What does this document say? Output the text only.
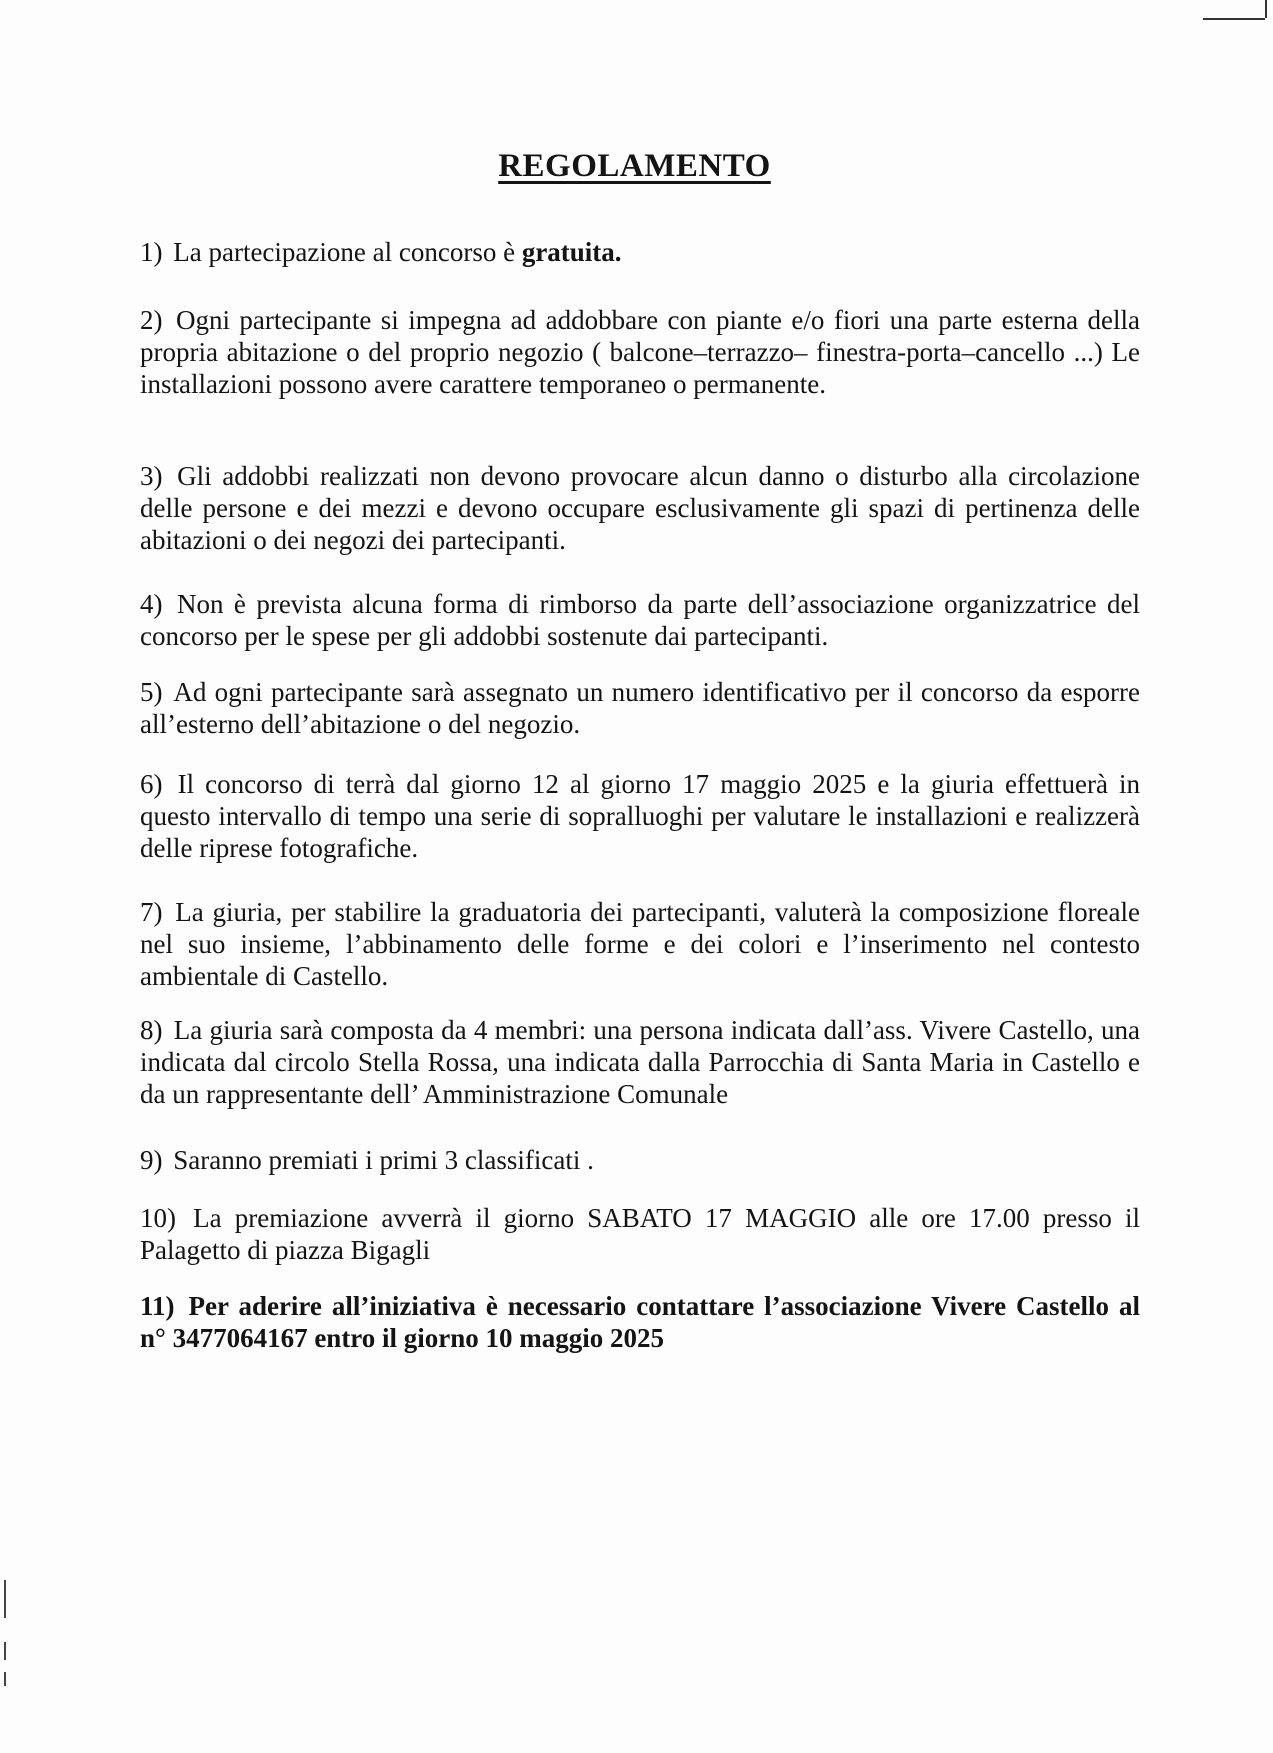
REGOLAMENTO

1) La partecipazione al concorso è gratuita.

2) Ogni partecipante si impegna ad addobbare con piante e/o fiori una parte esterna della propria abitazione o del proprio negozio ( balcone–terrazzo– finestra-porta–cancello ...) Le installazioni possono avere carattere temporaneo o permanente.

3) Gli addobbi realizzati non devono provocare alcun danno o disturbo alla circolazione delle persone e dei mezzi e devono occupare esclusivamente gli spazi di pertinenza delle abitazioni o dei negozi dei partecipanti.

4) Non è prevista alcuna forma di rimborso da parte dell’associazione organizzatrice del concorso per le spese per gli addobbi sostenute dai partecipanti.

5) Ad ogni partecipante sarà assegnato un numero identificativo per il concorso da esporre all’esterno dell’abitazione o del negozio.

6) Il concorso di terrà dal giorno 12 al giorno 17 maggio 2025 e la giuria effettuerà in questo intervallo di tempo una serie di sopralluoghi per valutare le installazioni e realizzerà delle riprese fotografiche.

7) La giuria, per stabilire la graduatoria dei partecipanti, valuterà la composizione floreale nel suo insieme, l’abbinamento delle forme e dei colori e l’inserimento nel contesto ambientale di Castello.

8) La giuria sarà composta da 4 membri: una persona indicata dall’ass. Vivere Castello, una indicata dal circolo Stella Rossa, una indicata dalla Parrocchia di Santa Maria in Castello e da un rappresentante dell’ Amministrazione Comunale

9) Saranno premiati i primi 3 classificati .

10) La premiazione avverrà il giorno SABATO 17 MAGGIO alle ore 17.00 presso il Palagetto di piazza Bigagli

11) Per aderire all’iniziativa è necessario contattare l’associazione Vivere Castello al n° 3477064167 entro il giorno 10 maggio 2025
